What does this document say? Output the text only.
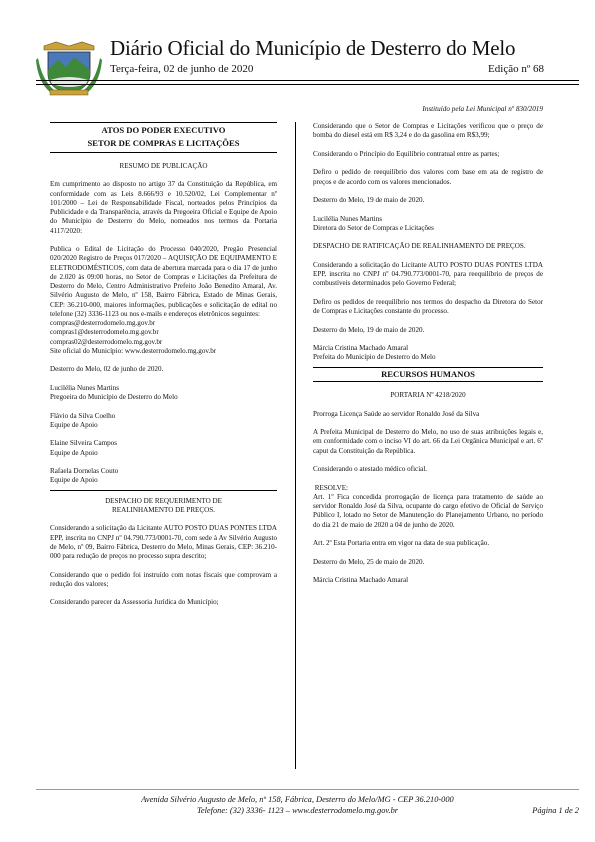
Diário Oficial do Município de Desterro do Melo
Terça-feira, 02 de junho de 2020	Edição nº 68
Instituído pela Lei Municipal nº 830/2019
ATOS DO PODER EXECUTIVO
SETOR DE COMPRAS E LICITAÇÕES
RESUMO DE PUBLICAÇÃO

Em cumprimento ao disposto no artigo 37 da Constituição da República, em conformidade com as Leis 8.666/93 e 10.520/02, Lei Complementar nº 101/2000 – Lei de Responsabilidade Fiscal, norteados pelos Princípios da Publicidade e da Transparência, através da Pregoeira Oficial e Equipe de Apoio do Município de Desterro do Melo, nomeados nos termos da Portaria 4117/2020:

Publica o Edital de Licitação do Processo 040/2020, Pregão Presencial 020/2020 Registro de Preços 017/2020 – AQUISIÇÃO DE EQUIPAMENTO E ELETRODOMÉSTICOS, com data de abertura marcada para o dia 17 de junho de 2.020 às 09:00 horas, no Setor de Compras e Licitações da Prefeitura de Desterro do Melo, Centro Administrativo Prefeito João Benedito Amaral, Av. Silvério Augusto de Melo, nº 158, Bairro Fábrica, Estado de Minas Gerais, CEP: 36.210-000, maiores informações, publicações e solicitação de edital no telefone (32) 3336-1123 ou nos e-mails e endereços eletrônicos seguintes:

compras@desterrodomelo.mg.gov.br
compras1@desterrodomelo.mg.gov.br
compras02@desterrodomelo.mg.gov.br
Site oficial do Município: www.desterrodomelo.mg.gov.br
Desterro do Melo, 02 de junho de 2020.
Lucilélia Nunes Martins
Pregoeira do Município de Desterro do Melo
Flávio da Silva Coelho
Equipe de Apoio
Elaine Silveira Campos
Equipe de Apoio
Rafaela Dornelas Couto
Equipe de Apoio
DESPACHO DE REQUERIMENTO DE
REALINHAMENTO DE PREÇOS.

Considerando a solicitação da Licitante AUTO POSTO DUAS PONTES LTDA EPP, inscrita no CNPJ nº 04.790.773/0001-70, com sede à Av Silvério Augusto de Melo, nº 09, Bairro Fábrica, Desterro do Melo, Minas Gerais, CEP: 36.210-000 para redução de preços no processo supra descrito;

Considerando que o pedido foi instruído com notas fiscais que comprovam a redução dos valores;

Considerando parecer da Assessoria Jurídica do Município;

Considerando que o Setor de Compras e Licitações verificou que o preço de bomba do diesel está em R$ 3,24 e do da gasolina em R$3,99;

Considerando o Princípio do Equilíbrio contratual entre as partes;

Defiro o pedido de reequilíbrio dos valores com base em ata de registro de preços e de acordo com os valores mencionados.

Desterro do Melo, 19 de maio de 2020.
Lucilélia Nunes Martins
Diretora do Setor de Compras e Licitações

DESPACHO DE RATIFICAÇÃO DE REALINHAMENTO DE PREÇOS.

Considerando a solicitação do Licitante AUTO POSTO DUAS PONTES LTDA EPP, inscrita no CNPJ nº 04.790.773/0001-70, para reequilíbrio de preços de combustíveis determinados pelo Governo Federal;

Defiro os pedidos de reequilíbrio nos termos do despacho da Diretora do Setor de Compras e Licitações constante do processo.

Desterro do Melo, 19 de maio de 2020.
Márcia Cristina Machado Amaral
Prefeita do Município de Desterro do Melo
RECURSOS HUMANOS
PORTARIA Nº 4218/2020
Prorroga Licença Saúde ao servidor Ronaldo José da Silva

A Prefeita Municipal de Desterro do Melo, no uso de suas atribuições legais e, em conformidade com o inciso VI do art. 66 da Lei Orgânica Municipal e art. 6º caput da Constituição da República.

Considerando o atestado médico oficial.

RESOLVE:

Art. 1º Fica concedida prorrogação de licença para tratamento de saúde ao servidor Ronaldo José da Silva, ocupante do cargo efetivo de Oficial de Serviço Público I, lotado no Setor de Manutenção do Planejamento Urbano, no período do dia 21 de maio de 2020 a 04 de junho de 2020.

Art. 2º Esta Portaria entra em vigor na data de sua publicação.

Desterro do Melo, 25 de maio de 2020.
Márcia Cristina Machado Amaral
Avenida Silvério Augusto de Melo, nº 158, Fábrica, Desterro do Melo/MG - CEP 36.210-000
Telefone: (32) 3336- 1123 – www.desterrodomelo.mg.gov.br	Página 1 de 2
